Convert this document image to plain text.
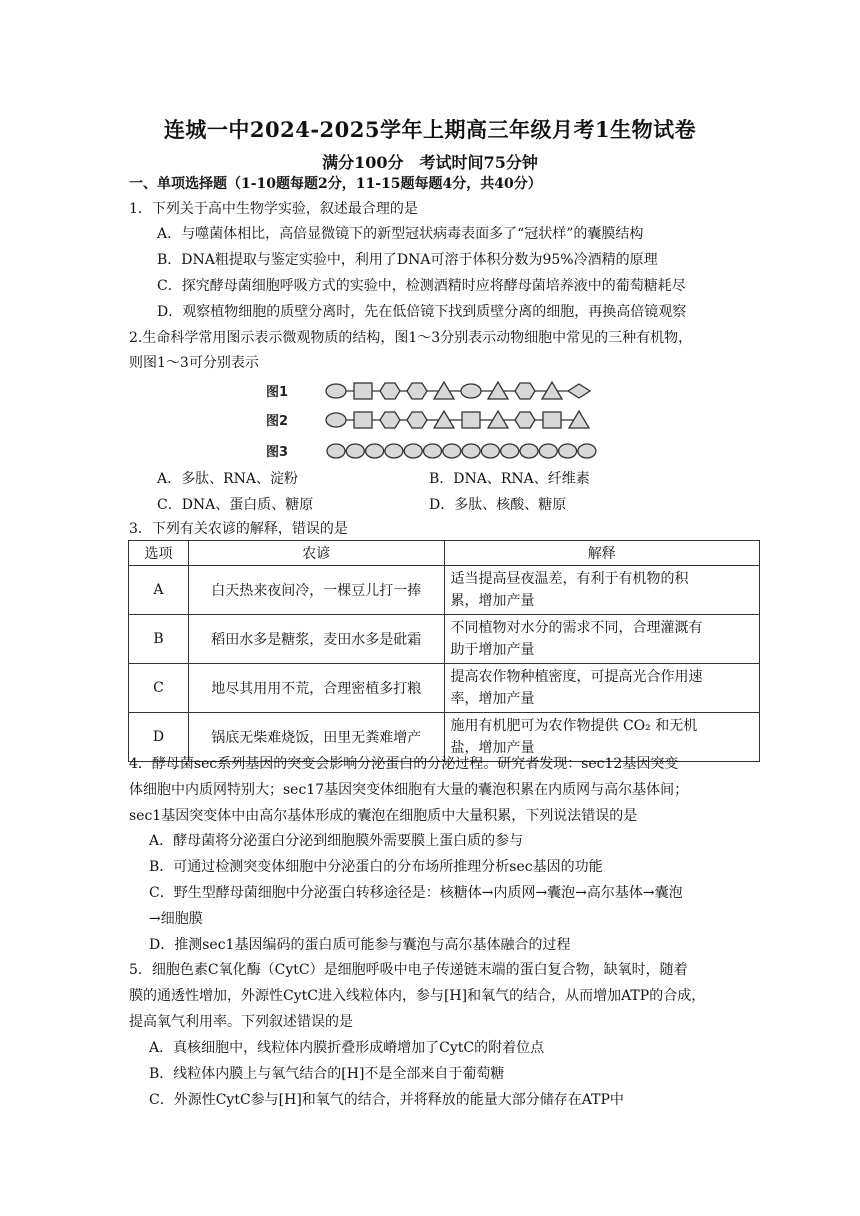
连城一中2024-2025学年上期高三年级月考1生物试卷
满分100分　考试时间75分钟
一、单项选择题（1-10题每题2分，11-15题每题4分，共40分）
1．下列关于高中生物学实验，叙述最合理的是
A．与噬菌体相比，高倍显微镜下的新型冠状病毒表面多了“冠状样”的囊膜结构
B．DNA粗提取与鉴定实验中，利用了DNA可溶于体积分数为95%冷酒精的原理
C．探究酵母菌细胞呼吸方式的实验中，检测酒精时应将酵母菌培养液中的葡萄糖耗尽
D．观察植物细胞的质壁分离时，先在低倍镜下找到质壁分离的细胞，再换高倍镜观察
2.生命科学常用图示表示微观物质的结构，图1～3分别表示动物细胞中常见的三种有机物，
则图1～3可分别表示
图1
图2
图3
A．多肽、RNA、淀粉	B．DNA、RNA、纤维素
C．DNA、蛋白质、糖原	D．多肽、核酸、糖原
3．下列有关农谚的解释，错误的是
选项	农谚	解释
A	白天热来夜间冷，一棵豆儿打一捧	适当提高昼夜温差，有利于有机物的积
累，增加产量
B	稻田水多是糖浆，麦田水多是砒霜	不同植物对水分的需求不同，合理灌溉有
助于增加产量
C	地尽其用用不荒，合理密植多打粮	提高农作物种植密度，可提高光合作用速
率，增加产量
D	锅底无柴难烧饭，田里无粪难增产	施用有机肥可为农作物提供 CO₂ 和无机
盐，增加产量
4．酵母菌sec系列基因的突变会影响分泌蛋白的分泌过程。研究者发现：sec12基因突变
体细胞中内质网特别大；sec17基因突变体细胞有大量的囊泡积累在内质网与高尔基体间；
sec1基因突变体中由高尔基体形成的囊泡在细胞质中大量积累，下列说法错误的是
A．酵母菌将分泌蛋白分泌到细胞膜外需要膜上蛋白质的参与
B．可通过检测突变体细胞中分泌蛋白的分布场所推理分析sec基因的功能
C．野生型酵母菌细胞中分泌蛋白转移途径是：核糖体→内质网→囊泡→高尔基体→囊泡
→细胞膜
D．推测sec1基因编码的蛋白质可能参与囊泡与高尔基体融合的过程
5．细胞色素C氧化酶（CytC）是细胞呼吸中电子传递链末端的蛋白复合物，缺氧时，随着
膜的通透性增加，外源性CytC进入线粒体内，参与[H]和氧气的结合，从而增加ATP的合成，
提高氧气利用率。下列叙述错误的是
A．真核细胞中，线粒体内膜折叠形成嵴增加了CytC的附着位点
B．线粒体内膜上与氧气结合的[H]不是全部来自于葡萄糖
C．外源性CytC参与[H]和氧气的结合，并将释放的能量大部分储存在ATP中
